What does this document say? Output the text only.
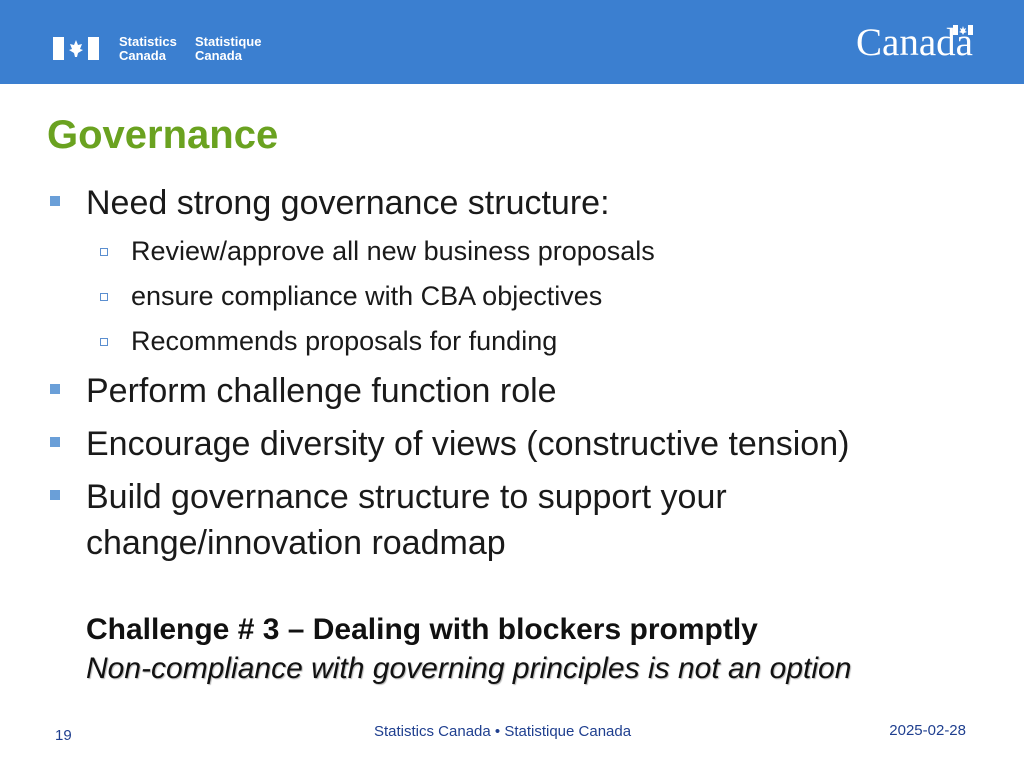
Statistics
Canada
Statistique
Canada	Canada
Governance
Need strong governance structure:
Review/approve all new business proposals
ensure compliance with CBA objectives
Recommends proposals for funding
Perform challenge function role
Encourage diversity of views (constructive tension)
Build governance structure to support your
change/innovation roadmap
Challenge # 3 – Dealing with blockers promptly
Non-compliance with governing principles is not an option
19	Statistics Canada • Statistique Canada	2025-02-28
